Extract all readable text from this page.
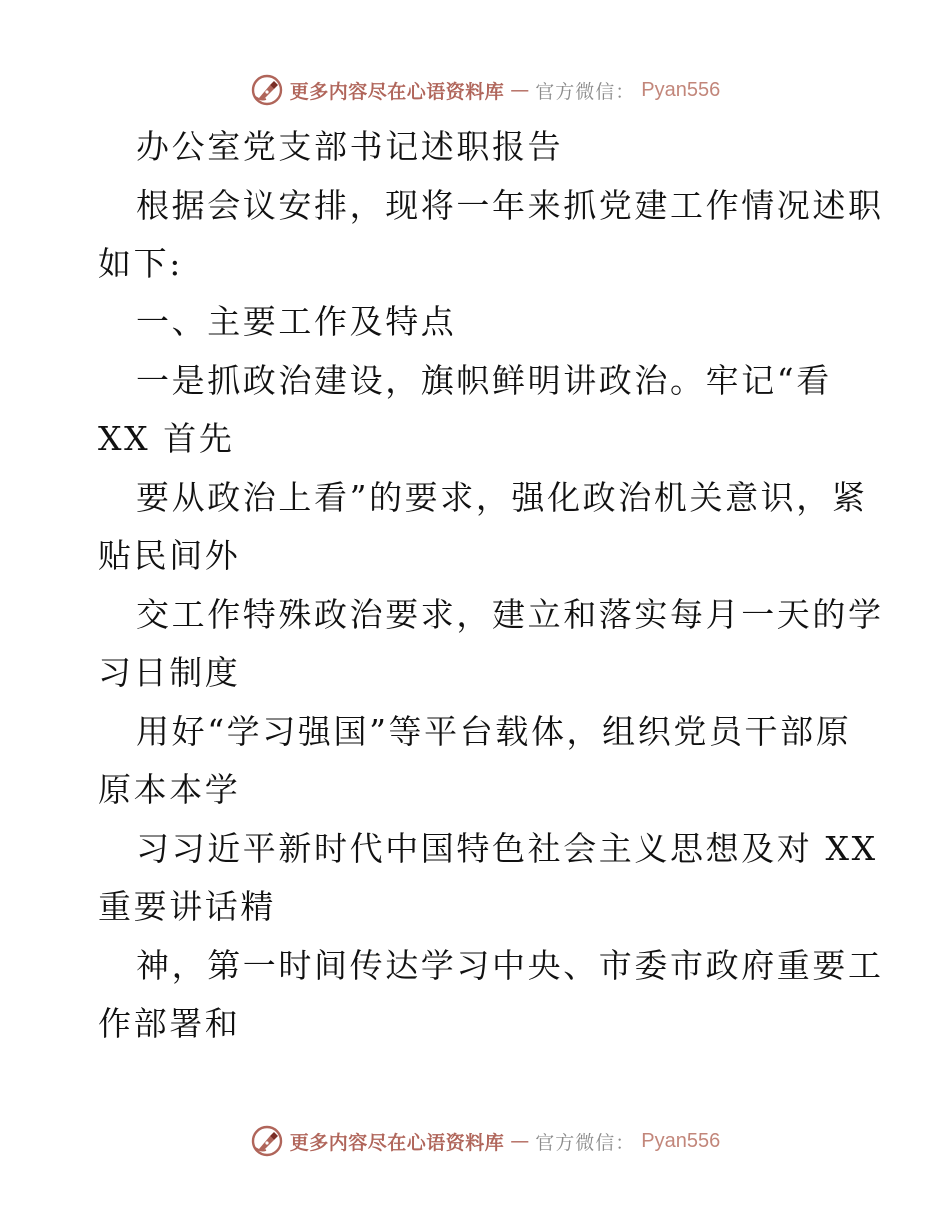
更多内容尽在心语资料库 — 官方微信： Pyan556
办公室党支部书记述职报告
根据会议安排，现将一年来抓党建工作情况述职
如下:
一、主要工作及特点
一是抓政治建设，旗帜鲜明讲政治。牢记“看
XX 首先
要从政治上看”的要求，强化政治机关意识，紧
贴民间外
交工作特殊政治要求，建立和落实每月一天的学
习日制度
用好“学习强国”等平台载体，组织党员干部原
原本本学
习习近平新时代中国特色社会主义思想及对 XX
重要讲话精
神，第一时间传达学习中央、市委市政府重要工
作部署和
更多内容尽在心语资料库 — 官方微信： Pyan556
